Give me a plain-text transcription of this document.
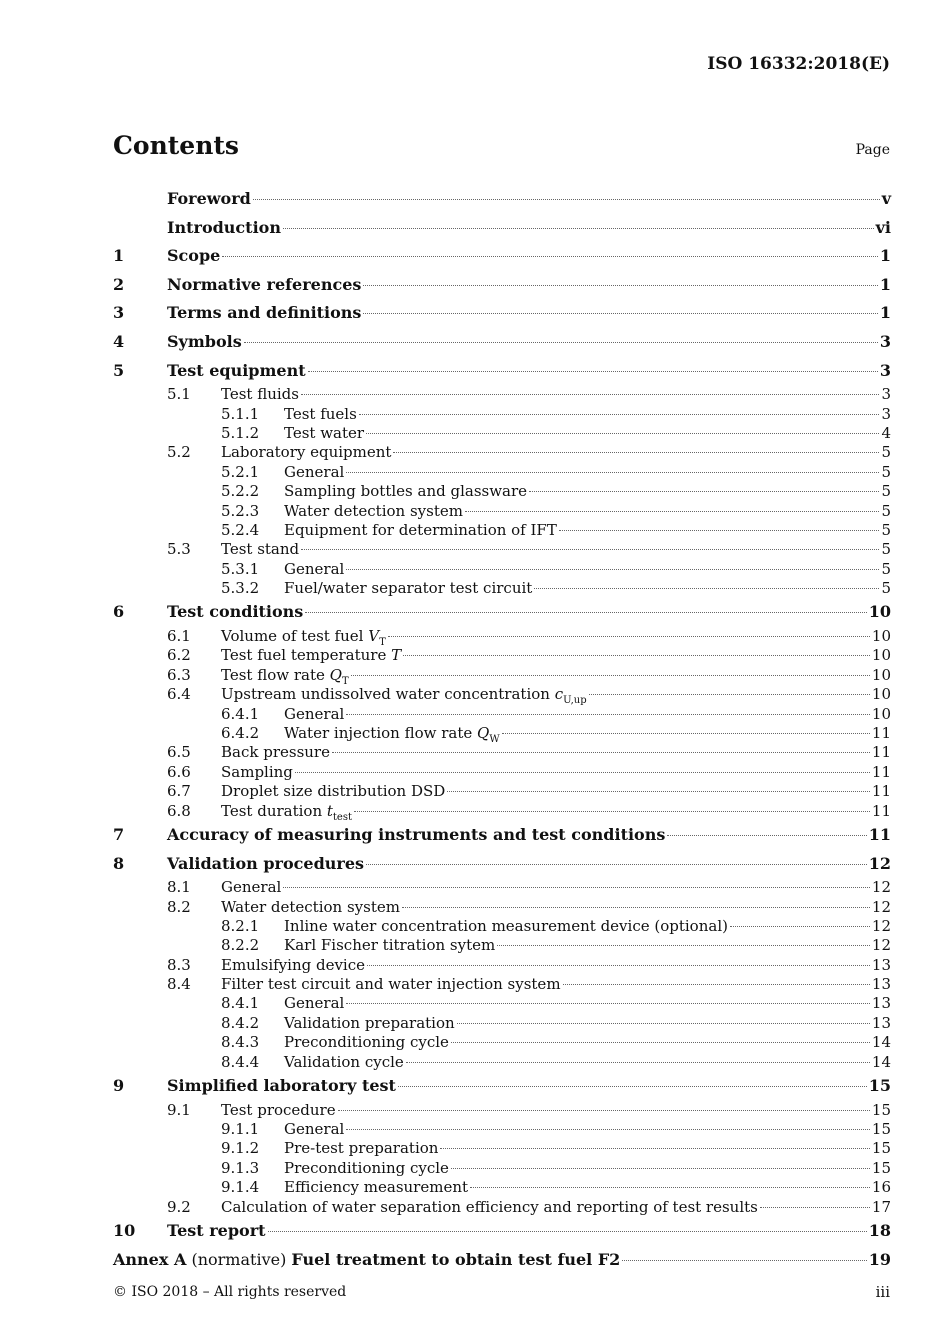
ISO 16332:2018(E)
Contents	Page
Foreword	v
Introduction	vi
1	Scope	1
2	Normative references	1
3	Terms and definitions	1
4	Symbols	3
5	Test equipment	3
5.1	Test fluids	3
5.1.1	Test fuels	3
5.1.2	Test water	4
5.2	Laboratory equipment	5
5.2.1	General	5
5.2.2	Sampling bottles and glassware	5
5.2.3	Water detection system	5
5.2.4	Equipment for determination of IFT	5
5.3	Test stand	5
5.3.1	General	5
5.3.2	Fuel/water separator test circuit	5
6	Test conditions	10
6.1	Volume of test fuel $V_T$	10
6.2	Test fuel temperature T	10
6.3	Test flow rate $Q_T$	10
6.4	Upstream undissolved water concentration $c_{U,up}$	10
6.4.1	General	10
6.4.2	Water injection flow rate $Q_W$	11
6.5	Back pressure	11
6.6	Sampling	11
6.7	Droplet size distribution DSD	11
6.8	Test duration $t_{test}$	11
7	Accuracy of measuring instruments and test conditions	11
8	Validation procedures	12
8.1	General	12
8.2	Water detection system	12
8.2.1	Inline water concentration measurement device (optional)	12
8.2.2	Karl Fischer titration sytem	12
8.3	Emulsifying device	13
8.4	Filter test circuit and water injection system	13
8.4.1	General	13
8.4.2	Validation preparation	13
8.4.3	Preconditioning cycle	14
8.4.4	Validation cycle	14
9	Simplified laboratory test	15
9.1	Test procedure	15
9.1.1	General	15
9.1.2	Pre-test preparation	15
9.1.3	Preconditioning cycle	15
9.1.4	Efficiency measurement	16
9.2	Calculation of water separation efficiency and reporting of test results	17
10	Test report	18
Annex A (normative) Fuel treatment to obtain test fuel F2	19
© ISO 2018 – All rights reserved	iii
